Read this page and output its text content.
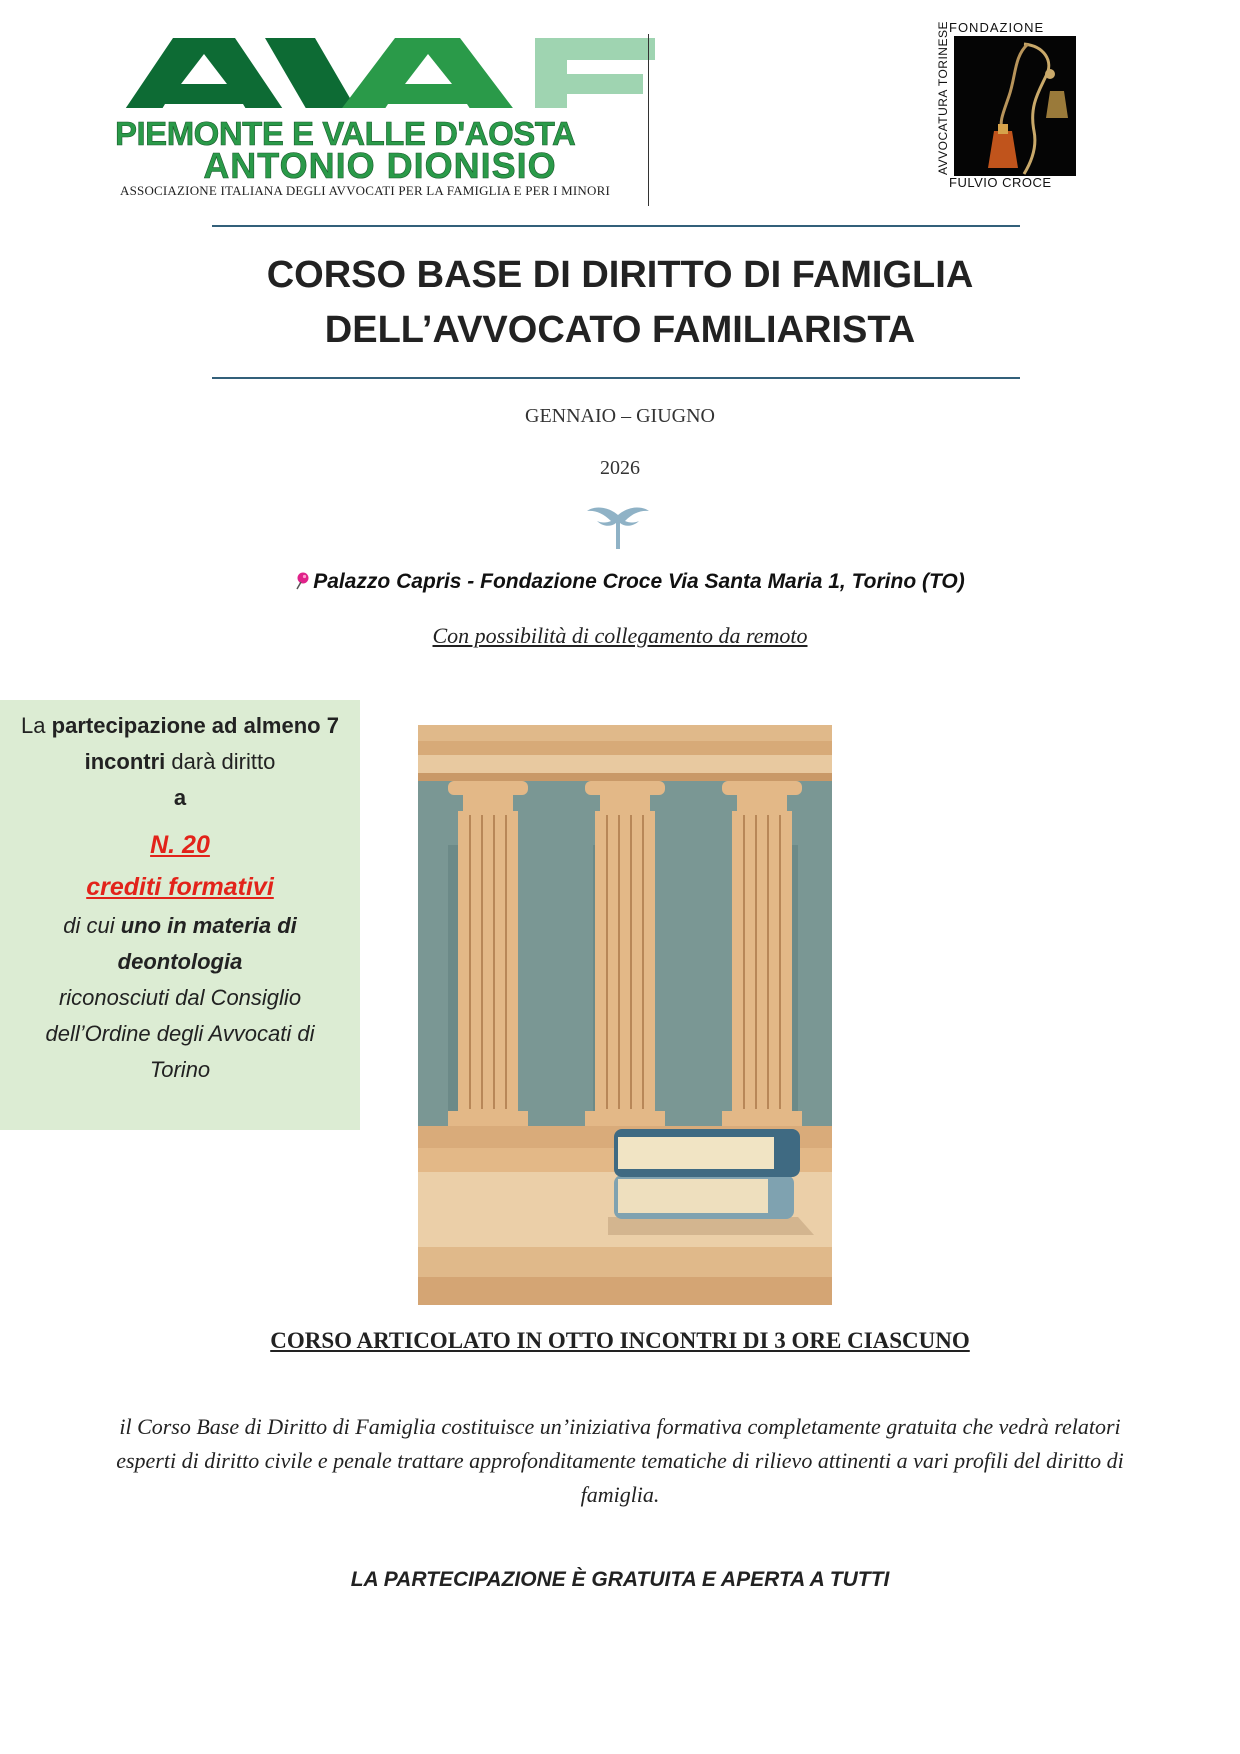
PIEMONTE E VALLE D'AOSTA
ANTONIO DIONISIO
ASSOCIAZIONE ITALIANA DEGLI AVVOCATI PER LA FAMIGLIA E PER I MINORI
FONDAZIONE
AVVOCATURA TORINESE
FULVIO CROCE
CORSO BASE DI DIRITTO DI FAMIGLIA
DELL’AVVOCATO FAMILIARISTA
GENNAIO – GIUGNO
2026
Palazzo Capris - Fondazione Croce Via Santa Maria 1, Torino (TO)
Con possibilità di collegamento da remoto
La partecipazione ad almeno 7 incontri darà diritto
a
N. 20
crediti formativi
di cui uno in materia di deontologia
riconosciuti dal Consiglio dell’Ordine degli Avvocati di Torino
CORSO ARTICOLATO IN OTTO INCONTRI DI 3 ORE CIASCUNO
il Corso Base di Diritto di Famiglia costituisce un’iniziativa formativa completamente gratuita che vedrà relatori esperti di diritto civile e penale trattare approfonditamente tematiche di rilievo attinenti a vari profili del diritto di famiglia.
LA PARTECIPAZIONE È GRATUITA E APERTA A TUTTI
